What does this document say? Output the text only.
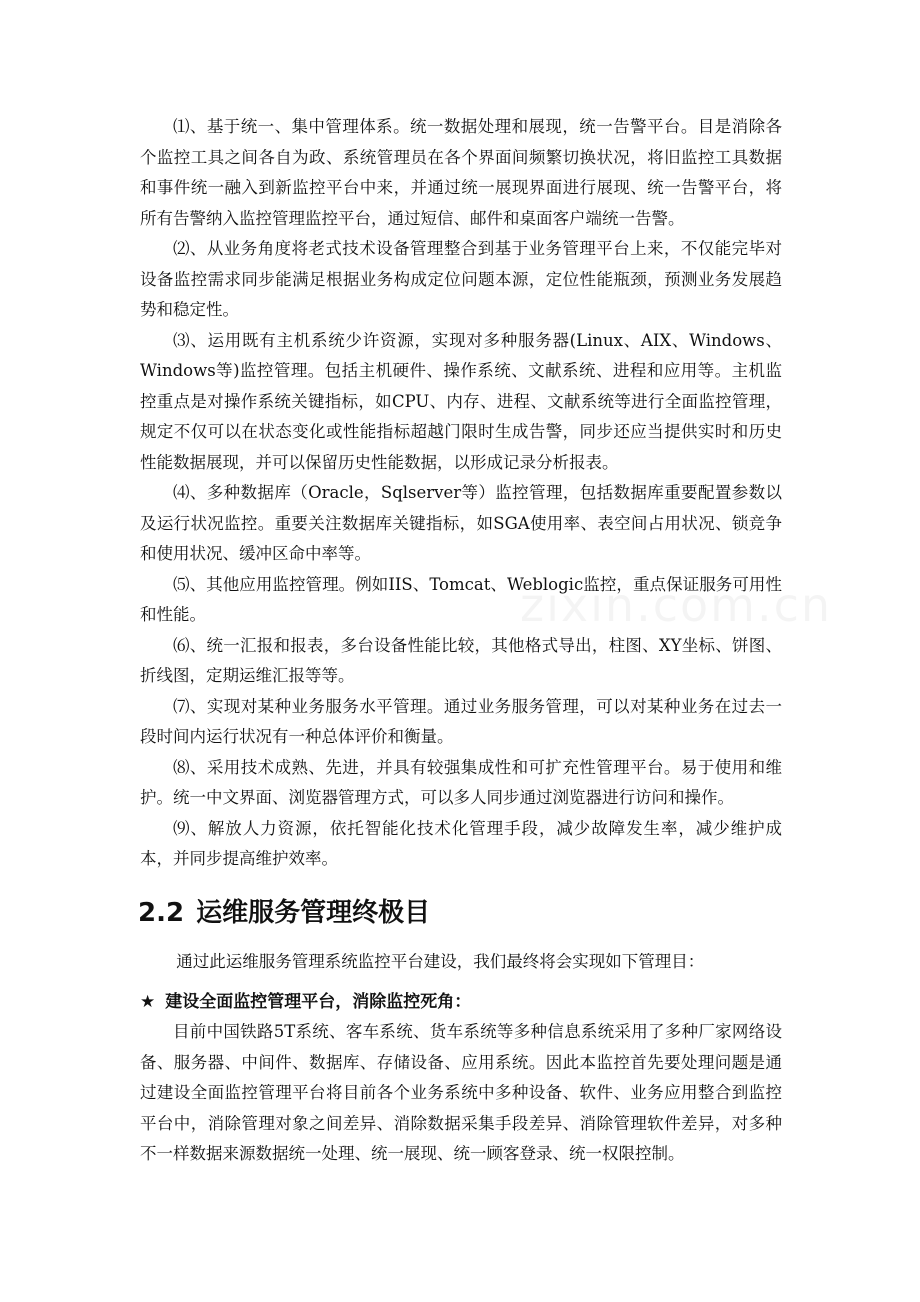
⑴、基于统一、集中管理体系。统一数据处理和展现，统一告警平台。目是消除各个监控工具之间各自为政、系统管理员在各个界面间频繁切换状况，将旧监控工具数据和事件统一融入到新监控平台中来，并通过统一展现界面进行展现、统一告警平台，将所有告警纳入监控管理监控平台，通过短信、邮件和桌面客户端统一告警。

⑵、从业务角度将老式技术设备管理整合到基于业务管理平台上来，不仅能完毕对设备监控需求同步能满足根据业务构成定位问题本源，定位性能瓶颈，预测业务发展趋势和稳定性。

⑶、运用既有主机系统少许资源，实现对多种服务器(Linux、AIX、Windows、Windows等)监控管理。包括主机硬件、操作系统、文献系统、进程和应用等。主机监控重点是对操作系统关键指标，如CPU、内存、进程、文献系统等进行全面监控管理，规定不仅可以在状态变化或性能指标超越门限时生成告警，同步还应当提供实时和历史性能数据展现，并可以保留历史性能数据，以形成记录分析报表。

⑷、多种数据库（Oracle，Sqlserver等）监控管理，包括数据库重要配置参数以及运行状况监控。重要关注数据库关键指标，如SGA使用率、表空间占用状况、锁竞争和使用状况、缓冲区命中率等。

⑸、其他应用监控管理。例如IIS、Tomcat、Weblogic监控，重点保证服务可用性和性能。

⑹、统一汇报和报表，多台设备性能比较，其他格式导出，柱图、XY坐标、饼图、折线图，定期运维汇报等等。

⑺、实现对某种业务服务水平管理。通过业务服务管理，可以对某种业务在过去一段时间内运行状况有一种总体评价和衡量。

⑻、采用技术成熟、先进，并具有较强集成性和可扩充性管理平台。易于使用和维护。统一中文界面、浏览器管理方式，可以多人同步通过浏览器进行访问和操作。

⑼、解放人力资源，依托智能化技术化管理手段，减少故障发生率，减少维护成本，并同步提高维护效率。

2.2 运维服务管理终极目

通过此运维服务管理系统监控平台建设，我们最终将会实现如下管理目：

★ 建设全面监控管理平台，消除监控死角：

目前中国铁路5T系统、客车系统、货车系统等多种信息系统采用了多种厂家网络设备、服务器、中间件、数据库、存储设备、应用系统。因此本监控首先要处理问题是通过建设全面监控管理平台将目前各个业务系统中多种设备、软件、业务应用整合到监控平台中，消除管理对象之间差异、消除数据采集手段差异、消除管理软件差异，对多种不一样数据来源数据统一处理、统一展现、统一顾客登录、统一权限控制。
